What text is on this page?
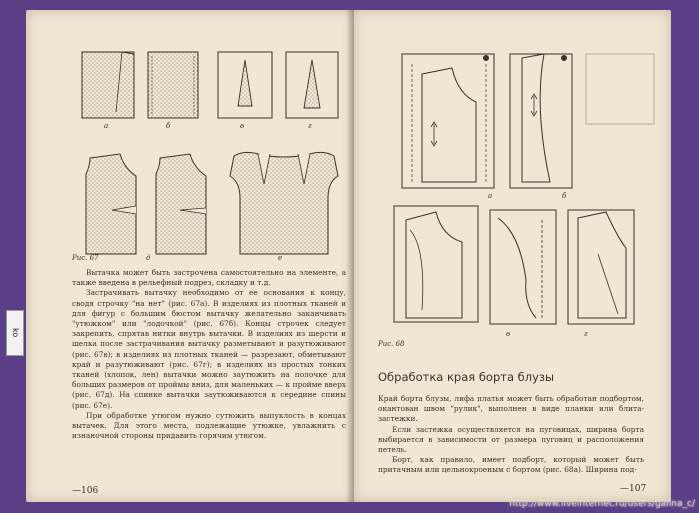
ko
а	б	в	г
д	е
Рис. 67

Вытачка может быть застрочена самостоятельно на элементе, а также введена в рельефный подрез, складку и т.д.

Застрачивать вытачку необходимо от ее основания к концу, сводя строчку "на нет" (рис. 67а). В изделиях из плотных тканей и для фигур с большим бюстом вытачку желательно заканчивать "утюжком" или "лодочкой" (рис. 67б). Концы строчек следует закрепить, спрятав нитки внутрь вытачки. В изделиях из шерсти и шелка после застрачивания вытачку разметывают и разутюживают (рис. 67в); в изделиях из плотных тканей — разрезают, обметывают край и разутюживают (рис. 67г); в изделиях из простых тонких тканей (хлопок, лен) вытачки можно заутюжить на полочке для больших размеров от проймы вниз, для маленьких — к пройме вверх (рис. 67д). На спинке вытачки заутюживаются к середине спины (рис. 67е).

При обработке утюгом нужно сутюжить выпуклость в концах вытачек. Для этого места, подлежащие утюжке, увлажнить с изнаночной стороны придавить горячим утюгом.

—106
а	б
в	г
Рис. 68
Обработка края борта блузы

Край борта блузы, лифа платья может быть обработан подбортом, окантован швом "рулик", выполнен в виде планки или блита-застежки.

Если застежка осуществляется на пуговицах, ширина борта выбирается в зависимости от размера пуговиц и расположения петель.

Борт, как правило, имеет подборт, который может быть притачным или цельнокроеным с бортом (рис. 68а). Ширина под-

—107
http://www.liveinternet.ru/users/galina_c/
